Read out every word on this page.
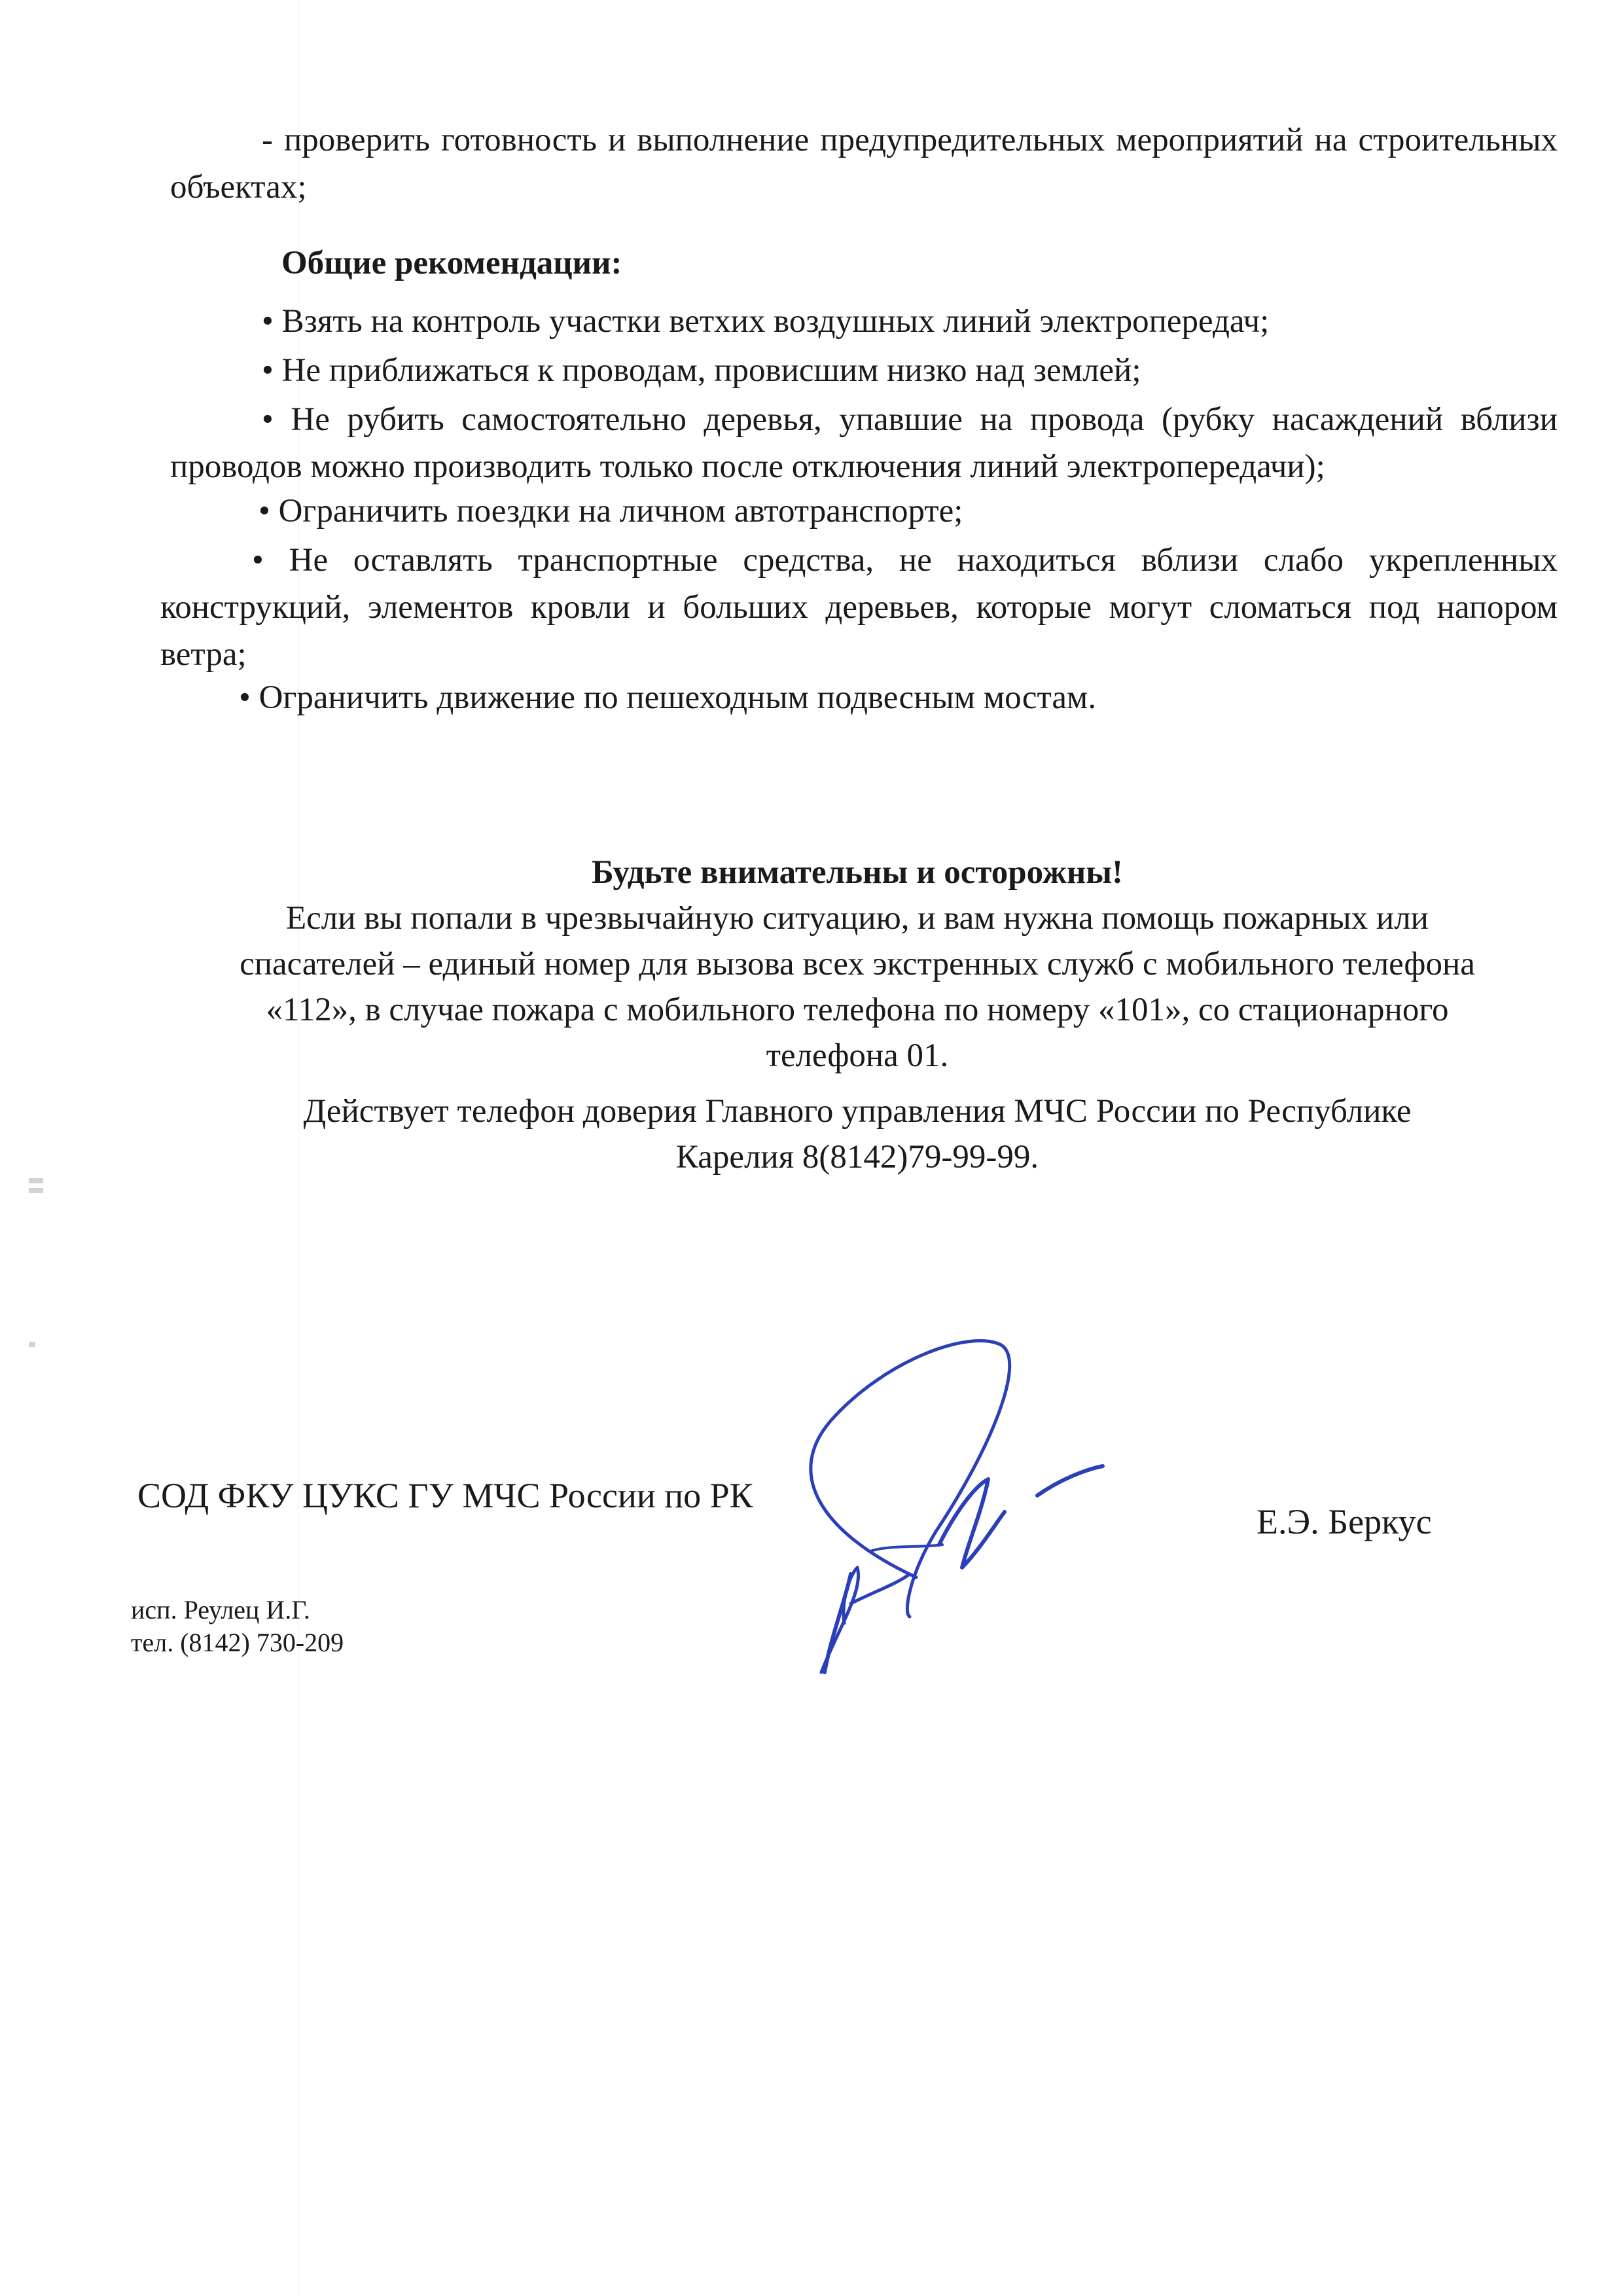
- проверить готовность и выполнение предупредительных мероприятий на строительных объектах;

Общие рекомендации:

• Взять на контроль участки ветхих воздушных линий электропередач;

• Не приближаться к проводам, провисшим низко над землей;

• Не рубить самостоятельно деревья, упавшие на провода (рубку насаждений вблизи проводов можно производить только после отключения линий электропередачи);

• Ограничить поездки на личном автотранспорте;

• Не оставлять транспортные средства, не находиться вблизи слабо укрепленных конструкций, элементов кровли и больших деревьев, которые могут сломаться под напором ветра;

• Ограничить движение по пешеходным подвесным мостам.

Будьте внимательны и осторожны!
Если вы попали в чрезвычайную ситуацию, и вам нужна помощь пожарных или
спасателей – единый номер для вызова всех экстренных служб с мобильного телефона
«112», в случае пожара с мобильного телефона по номеру «101», со стационарного
телефона 01.
Действует телефон доверия Главного управления МЧС России по Республике
Карелия 8(8142)79-99-99.
СОД ФКУ ЦУКС ГУ МЧС России по РК
Е.Э. Беркус
исп. Реулец И.Г.
тел. (8142) 730-209
